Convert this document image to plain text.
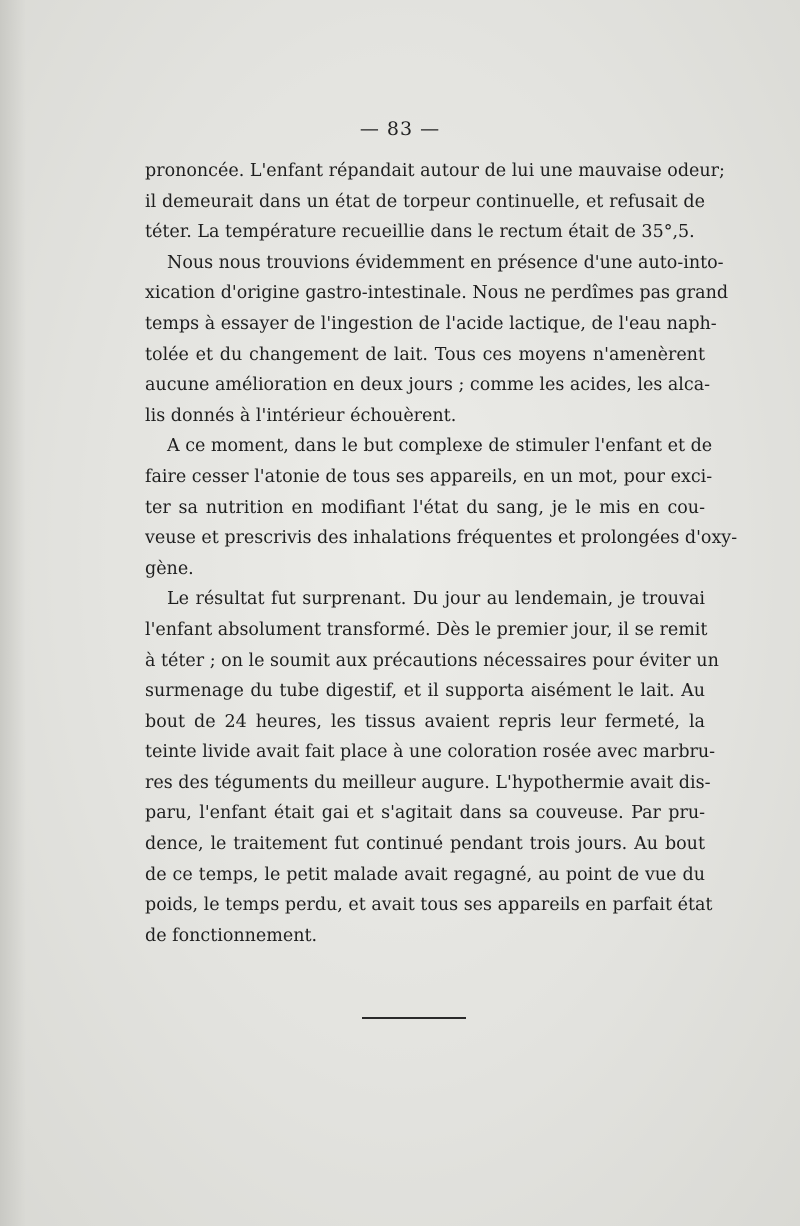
— 83 —
prononcée. L'enfant répandait autour de lui une mauvaise odeur;
il demeurait dans un état de torpeur continuelle, et refusait de
téter. La température recueillie dans le rectum était de 35°,5.
Nous nous trouvions évidemment en présence d'une auto-into-
xication d'origine gastro-intestinale. Nous ne perdîmes pas grand
temps à essayer de l'ingestion de l'acide lactique, de l'eau naph-
tolée et du changement de lait. Tous ces moyens n'amenèrent
aucune amélioration en deux jours ; comme les acides, les alca-
lis donnés à l'intérieur échouèrent.
A ce moment, dans le but complexe de stimuler l'enfant et de
faire cesser l'atonie de tous ses appareils, en un mot, pour exci-
ter sa nutrition en modifiant l'état du sang, je le mis en cou-
veuse et prescrivis des inhalations fréquentes et prolongées d'oxy-
gène.
Le résultat fut surprenant. Du jour au lendemain, je trouvai
l'enfant absolument transformé. Dès le premier jour, il se remit
à téter ; on le soumit aux précautions nécessaires pour éviter un
surmenage du tube digestif, et il supporta aisément le lait. Au
bout de 24 heures, les tissus avaient repris leur fermeté, la
teinte livide avait fait place à une coloration rosée avec marbru-
res des téguments du meilleur augure. L'hypothermie avait dis-
paru, l'enfant était gai et s'agitait dans sa couveuse. Par pru-
dence, le traitement fut continué pendant trois jours. Au bout
de ce temps, le petit malade avait regagné, au point de vue du
poids, le temps perdu, et avait tous ses appareils en parfait état
de fonctionnement.
